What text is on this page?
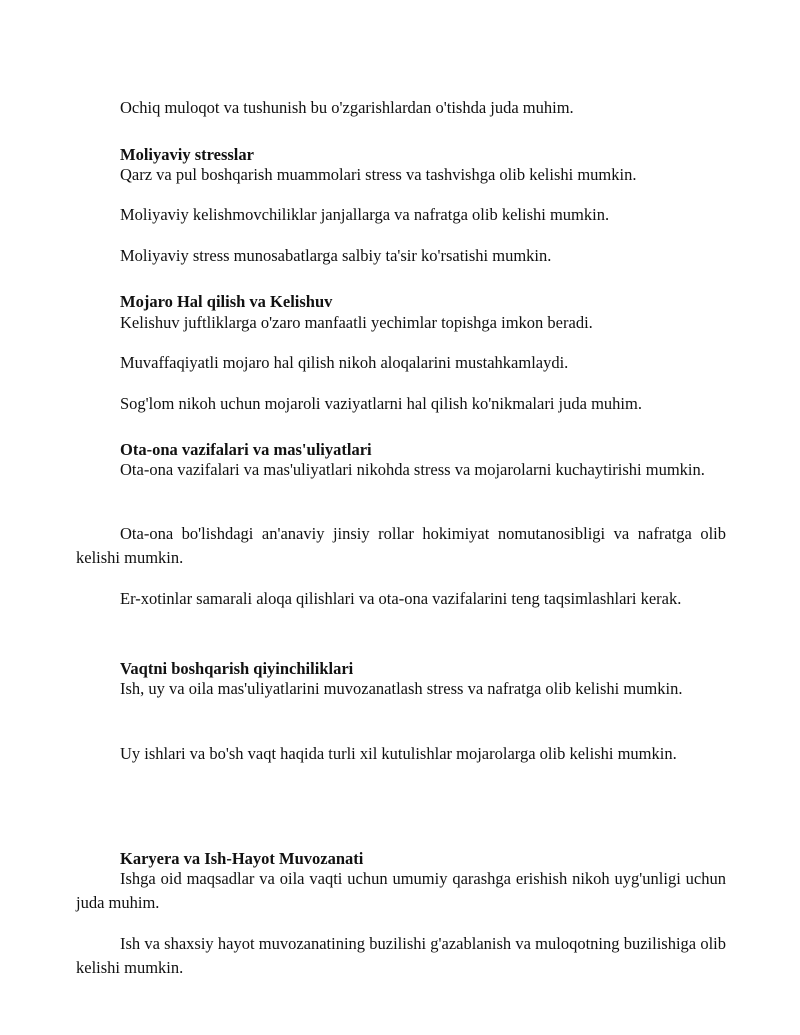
Ochiq muloqot va tushunish bu o'zgarishlardan o'tishda juda muhim.

Moliyaviy stresslar

Qarz va pul boshqarish muammolari stress va tashvishga olib kelishi mumkin.

Moliyaviy kelishmovchiliklar janjallarga va nafratga olib kelishi mumkin.

Moliyaviy stress munosabatlarga salbiy ta'sir ko'rsatishi mumkin.

Mojaro Hal qilish va Kelishuv

Kelishuv juftliklarga o'zaro manfaatli yechimlar topishga imkon beradi.

Muvaffaqiyatli mojaro hal qilish nikoh aloqalarini mustahkamlaydi.

Sog'lom nikoh uchun mojaroli vaziyatlarni hal qilish ko'nikmalari juda muhim.

Ota-ona vazifalari va mas'uliyatlari

Ota-ona vazifalari va mas'uliyatlari nikohda stress va mojarolarni kuchaytirishi mumkin.

Ota-ona bo'lishdagi an'anaviy jinsiy rollar hokimiyat nomutanosibligi va nafratga olib kelishi mumkin.

Er-xotinlar samarali aloqa qilishlari va ota-ona vazifalarini teng taqsimlashlari kerak.

Vaqtni boshqarish qiyinchiliklari

Ish, uy va oila mas'uliyatlarini muvozanatlash stress va nafratga olib kelishi mumkin.

Uy ishlari va bo'sh vaqt haqida turli xil kutulishlar mojarolarga olib kelishi mumkin.

Karyera va Ish-Hayot Muvozanati

Ishga oid maqsadlar va oila vaqti uchun umumiy qarashga erishish nikoh uyg'unligi uchun juda muhim.

Ish va shaxsiy hayot muvozanatining buzilishi g'azablanish va muloqotning buzilishiga olib kelishi mumkin.
